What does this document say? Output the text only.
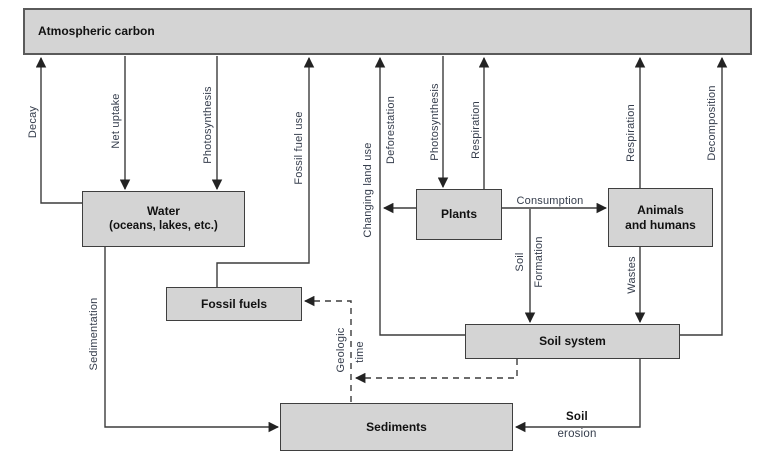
Atmospheric carbon
Water
(oceans, lakes, etc.)
Fossil fuels
Plants	Animals
and humans
Soil system
Sediments
Decay	Net uptake	Photosynthesis	Fossil fuel use	Changing land use
Deforestation	Photosynthesis	Respiration	Respiration	Decomposition
Soil Formation	Wastes
Sedimentation	Geologic time
Consumption
Soil
erosion
